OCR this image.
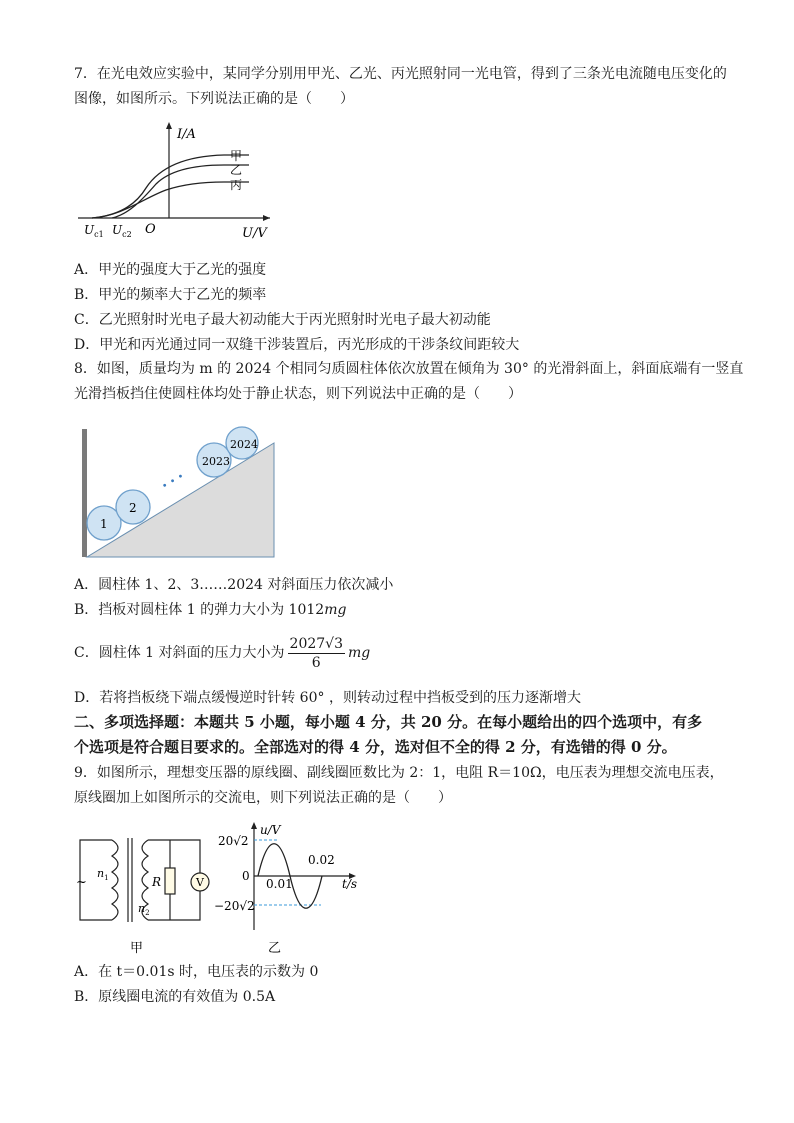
7．在光电效应实验中，某同学分别用甲光、乙光、丙光照射同一光电管，得到了三条光电流随电压变化的
图像，如图所示。下列说法正确的是（　　）
I/A
U/V
$U_{c1}$ $U_{c2}$ O
甲
乙
丙
A．甲光的强度大于乙光的强度
B．甲光的频率大于乙光的频率
C．乙光照射时光电子最大初动能大于丙光照射时光电子最大初动能
D．甲光和丙光通过同一双缝干涉装置后，丙光形成的干涉条纹间距较大
8．如图，质量均为 m 的 2024 个相同匀质圆柱体依次放置在倾角为 30° 的光滑斜面上，斜面底端有一竖直
光滑挡板挡住使圆柱体均处于静止状态，则下列说法中正确的是（　　）
1
2
2023
2024
• • •
A．圆柱体 1、2、3……2024 对斜面压力依次减小
B．挡板对圆柱体 1 的弹力大小为 1012mg
C．圆柱体 1 对斜面的压力大小为 $\frac{2027√3}{6}$ mg
D．若将挡板绕下端点缓慢逆时针转 60° ，则转动过程中挡板受到的压力逐渐增大
二、多项选择题：本题共 5 小题，每小题 4 分，共 20 分。在每小题给出的四个选项中，有多
个选项是符合题目要求的。全部选对的得 4 分，选对但不全的得 2 分，有选错的得 0 分。
9．如图所示，理想变压器的原线圈、副线圈匝数比为 2：1，电阻 R＝10Ω，电压表为理想交流电压表，
原线圈加上如图所示的交流电，则下列说法正确的是（　　）
~	V
R
$n_1$
$n_2$
甲
u/V
t/s
20√2
−20√2
0
0.01
0.02
乙
A．在 t＝0.01s 时，电压表的示数为 0
B．原线圈电流的有效值为 0.5A
